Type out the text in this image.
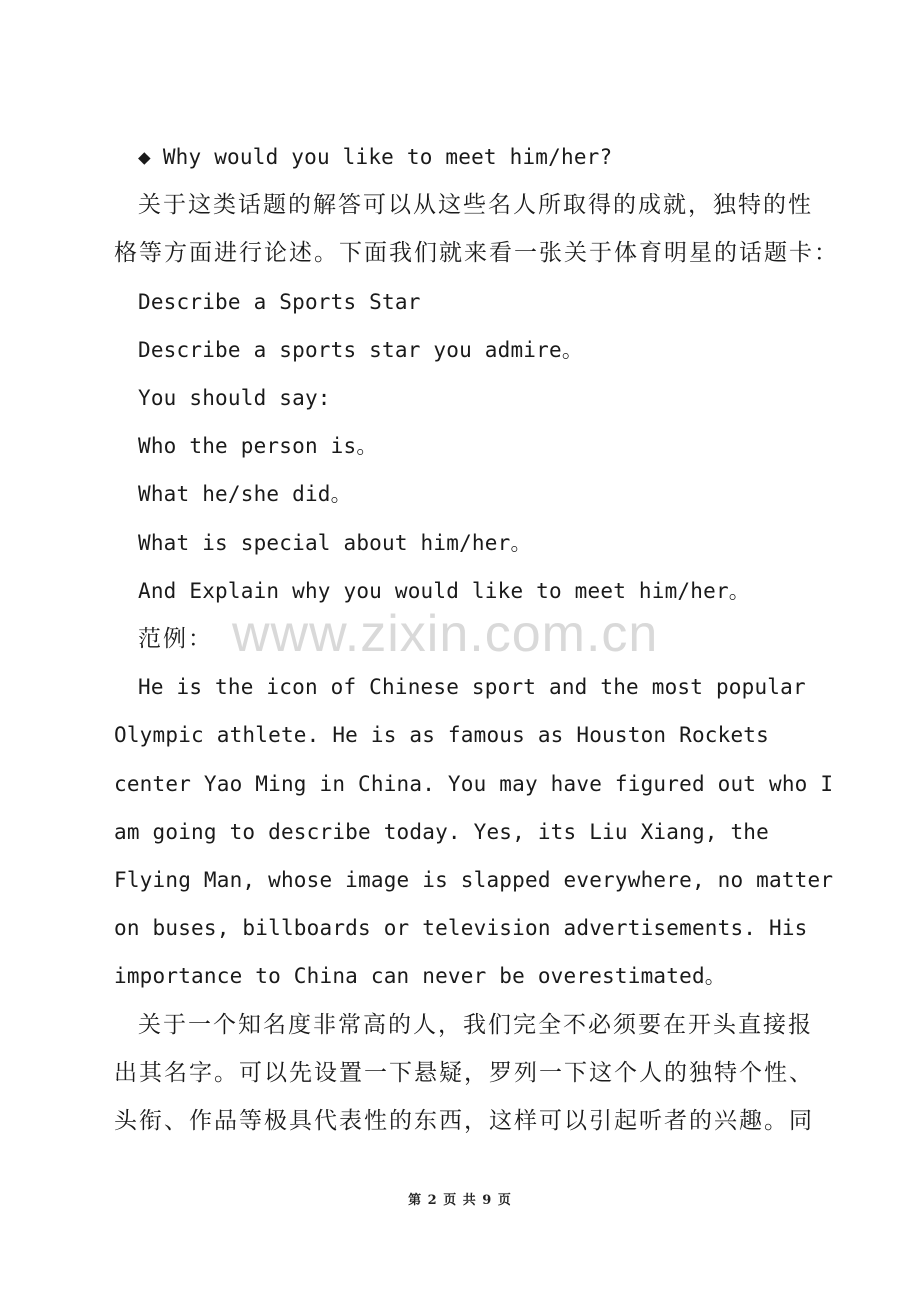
◆ Why would you like to meet him/her?
关于这类话题的解答可以从这些名人所取得的成就，独特的性
格等方面进行论述。下面我们就来看一张关于体育明星的话题卡：
Describe a Sports Star
Describe a sports star you admire。
You should say:
Who the person is。
What he/she did。
What is special about him/her。
And Explain why you would like to meet him/her。
www.zixin.com.cn
范例：
He is the icon of Chinese sport and the most popular
Olympic athlete. He is as famous as Houston Rockets
center Yao Ming in China. You may have figured out who I
am going to describe today. Yes, its Liu Xiang, the
Flying Man, whose image is slapped everywhere, no matter
on buses, billboards or television advertisements. His
importance to China can never be overestimated。
关于一个知名度非常高的人，我们完全不必须要在开头直接报
出其名字。可以先设置一下悬疑，罗列一下这个人的独特个性、
头衔、作品等极具代表性的东西，这样可以引起听者的兴趣。同
第 2 页 共 9 页
